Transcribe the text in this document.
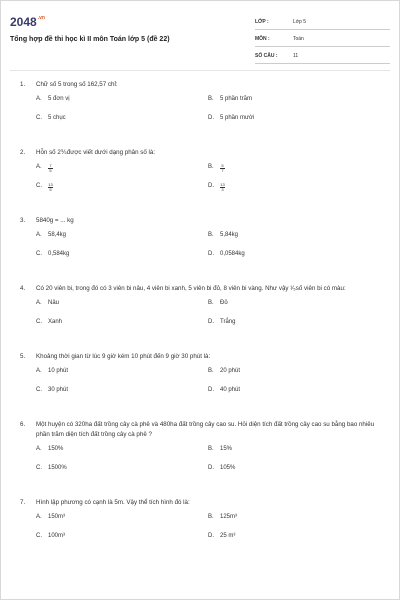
$2048^{.vn}$
Tổng hợp đề thi học kì II môn Toán lớp 5 (đề 22)
LỚP :	Lớp 5
MÔN :	Toán
SỐ CÂU :	11
1. Chữ số 5 trong số 162,57 chỉ:
A.	5 đơn vị	B.	5 phần trăm
C.	5 chục	D.	5 phần mười
2. Hỗn số 2⅗được viết dưới dạng phân số là:
A.	$\frac{7}{5}$	B.	$\frac{5}{7}$
C.	$\frac{13}{5}$	D.	$\frac{13}{3}$
3. 5840g = ... kg
A.	58,4kg	B.	5,84kg
C.	0,584kg	D.	0,0584kg
4. Có 20 viên bi, trong đó có 3 viên bi nâu, 4 viên bi xanh, 5 viên bi đỏ, 8 viên bi vàng. Như vậy ¹⁄₅số viên bi có màu:
A.	Nâu	B.	Đỏ
C.	Xanh	D.	Trắng
5. Khoảng thời gian từ lúc 9 giờ kém 10 phút đến 9 giờ 30 phút là:
A.	10 phút	B.	20 phút
C.	30 phút	D.	40 phút
6. Một huyện có 320ha đất trồng cây cà phê và 480ha đất trồng cây cao su. Hỏi diện tích đất trồng cây cao su bằng bao nhiêu phần trăm diện tích đất trồng cây cà phê ?
A.	150%	B.	15%
C.	1500%	D.	105%
7. Hình lập phương có cạnh là 5m. Vậy thể tích hình đó là:
A.	150m³	B.	125m³
C.	100m³	D.	25 m³
